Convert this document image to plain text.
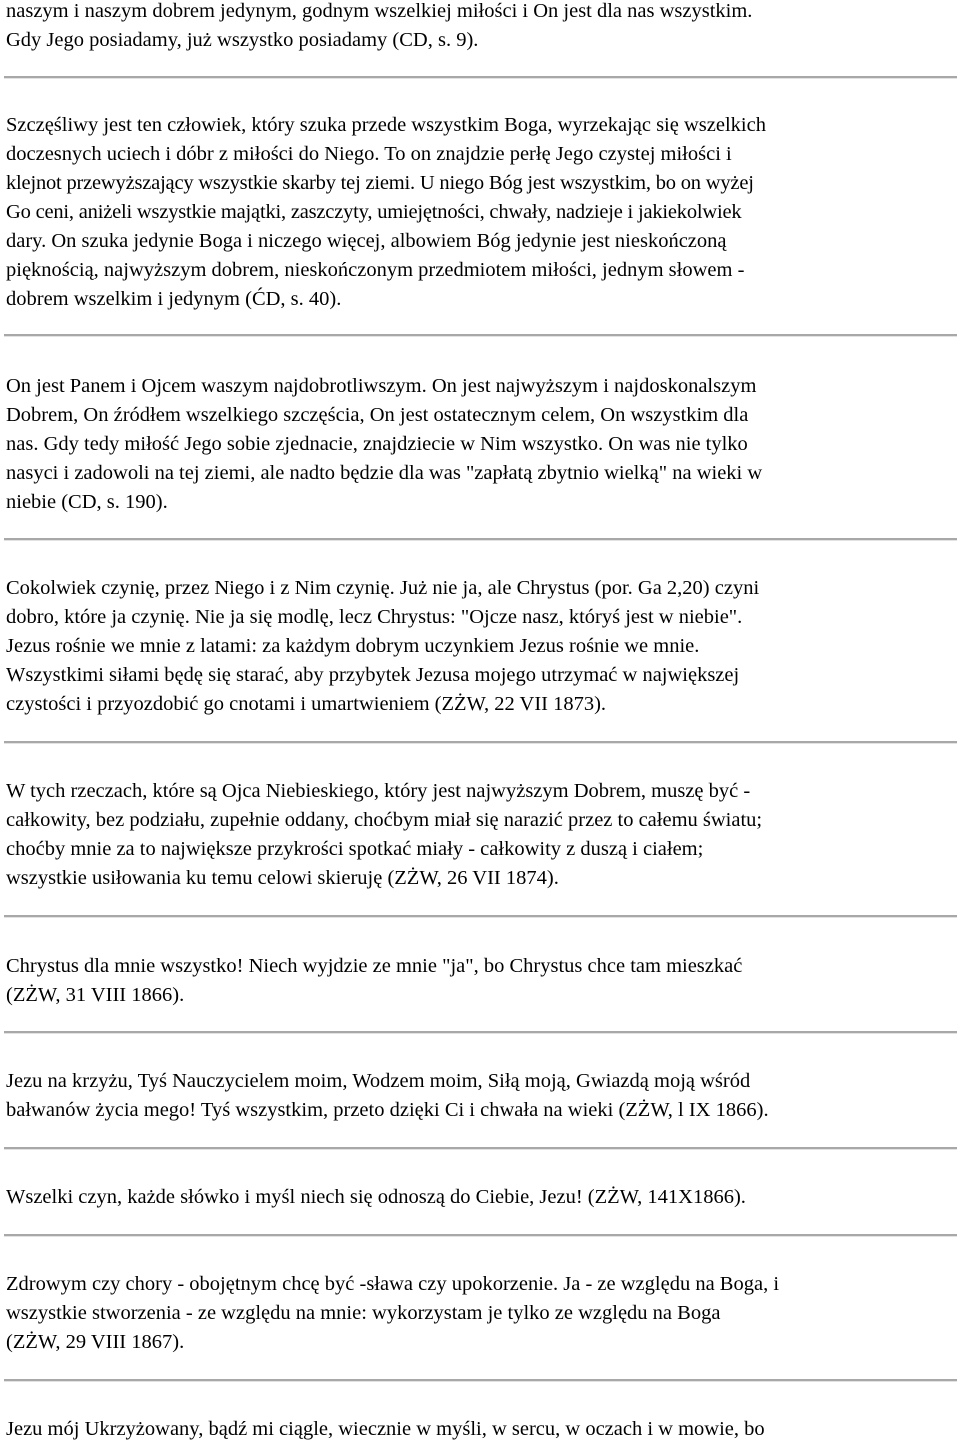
naszym i naszym dobrem jedynym, godnym wszelkiej miłości i On jest dla nas wszystkim.
Gdy Jego posiadamy, już wszystko posiadamy (CD, s. 9).
Szczęśliwy jest ten człowiek, który szuka przede wszystkim Boga, wyrzekając się wszelkich
doczesnych uciech i dóbr z miłości do Niego. To on znajdzie perłę Jego czystej miłości i
klejnot przewyższający wszystkie skarby tej ziemi. U niego Bóg jest wszystkim, bo on wyżej
Go ceni, aniżeli wszystkie majątki, zaszczyty, umiejętności, chwały, nadzieje i jakiekolwiek
dary. On szuka jedynie Boga i niczego więcej, albowiem Bóg jedynie jest nieskończoną
pięknością, najwyższym dobrem, nieskończonym przedmiotem miłości, jednym słowem -
dobrem wszelkim i jedynym (ĆD, s. 40).
On jest Panem i Ojcem waszym najdobrotliwszym. On jest najwyższym i najdoskonalszym
Dobrem, On źródłem wszelkiego szczęścia, On jest ostatecznym celem, On wszystkim dla
nas. Gdy tedy miłość Jego sobie zjednacie, znajdziecie w Nim wszystko. On was nie tylko
nasyci i zadowoli na tej ziemi, ale nadto będzie dla was "zapłatą zbytnio wielką" na wieki w
niebie (CD, s. 190).
Cokolwiek czynię, przez Niego i z Nim czynię. Już nie ja, ale Chrystus (por. Ga 2,20) czyni
dobro, które ja czynię. Nie ja się modlę, lecz Chrystus: "Ojcze nasz, któryś jest w niebie".
Jezus rośnie we mnie z latami: za każdym dobrym uczynkiem Jezus rośnie we mnie.
Wszystkimi siłami będę się starać, aby przybytek Jezusa mojego utrzymać w największej
czystości i przyozdobić go cnotami i umartwieniem (ZŻW, 22 VII 1873).
W tych rzeczach, które są Ojca Niebieskiego, który jest najwyższym Dobrem, muszę być -
całkowity, bez podziału, zupełnie oddany, choćbym miał się narazić przez to całemu światu;
choćby mnie za to największe przykrości spotkać miały - całkowity z duszą i ciałem;
wszystkie usiłowania ku temu celowi skieruję (ZŻW, 26 VII 1874).
Chrystus dla mnie wszystko! Niech wyjdzie ze mnie "ja", bo Chrystus chce tam mieszkać
(ZŻW, 31 VIII 1866).
Jezu na krzyżu, Tyś Nauczycielem moim, Wodzem moim, Siłą moją, Gwiazdą moją wśród
bałwanów życia mego! Tyś wszystkim, przeto dzięki Ci i chwała na wieki (ZŻW, l IX 1866).
Wszelki czyn, każde słówko i myśl niech się odnoszą do Ciebie, Jezu! (ZŻW, 141X1866).
Zdrowym czy chory - obojętnym chcę być -sława czy upokorzenie. Ja - ze względu na Boga, i
wszystkie stworzenia - ze względu na mnie: wykorzystam je tylko ze względu na Boga
(ZŻW, 29 VIII 1867).
Jezu mój Ukrzyżowany, bądź mi ciągle, wiecznie w myśli, w sercu, w oczach i w mowie, bo
